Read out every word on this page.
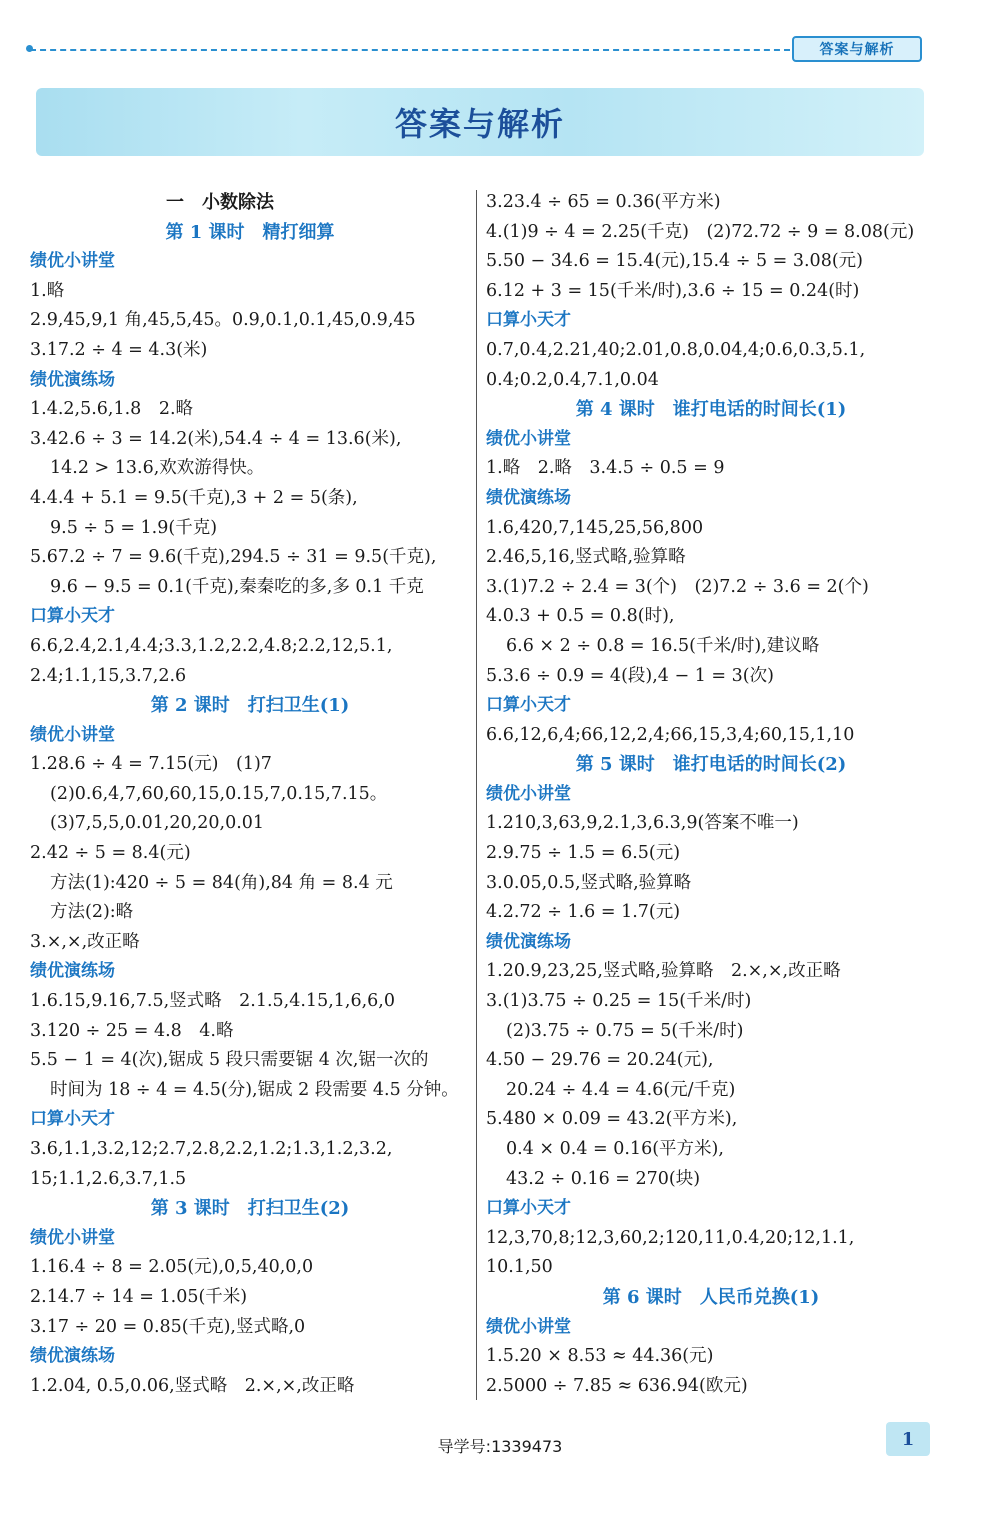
答案与解析
答案与解析
一　小数除法
第 1 课时　精打细算
绩优小讲堂
1.略
2.9,45,9,1 角,45,5,45。0.9,0.1,0.1,45,0.9,45
3.17.2 ÷ 4 = 4.3(米)
绩优演练场
1.4.2,5.6,1.8　2.略
3.42.6 ÷ 3 = 14.2(米),54.4 ÷ 4 = 13.6(米),
14.2 > 13.6,欢欢游得快。
4.4.4 + 5.1 = 9.5(千克),3 + 2 = 5(条),
9.5 ÷ 5 = 1.9(千克)
5.67.2 ÷ 7 = 9.6(千克),294.5 ÷ 31 = 9.5(千克),
9.6 − 9.5 = 0.1(千克),秦秦吃的多,多 0.1 千克
口算小天才
6.6,2.4,2.1,4.4;3.3,1.2,2.2,4.8;2.2,12,5.1,
2.4;1.1,15,3.7,2.6
第 2 课时　打扫卫生(1)
绩优小讲堂
1.28.6 ÷ 4 = 7.15(元)　(1)7
(2)0.6,4,7,60,60,15,0.15,7,0.15,7.15。
(3)7,5,5,0.01,20,20,0.01
2.42 ÷ 5 = 8.4(元)
方法(1):420 ÷ 5 = 84(角),84 角 = 8.4 元
方法(2):略
3.×,×,改正略
绩优演练场
1.6.15,9.16,7.5,竖式略　2.1.5,4.15,1,6,6,0
3.120 ÷ 25 = 4.8　4.略
5.5 − 1 = 4(次),锯成 5 段只需要锯 4 次,锯一次的
时间为 18 ÷ 4 = 4.5(分),锯成 2 段需要 4.5 分钟。
口算小天才
3.6,1.1,3.2,12;2.7,2.8,2.2,1.2;1.3,1.2,3.2,
15;1.1,2.6,3.7,1.5
第 3 课时　打扫卫生(2)
绩优小讲堂
1.16.4 ÷ 8 = 2.05(元),0,5,40,0,0
2.14.7 ÷ 14 = 1.05(千米)
3.17 ÷ 20 = 0.85(千克),竖式略,0
绩优演练场
1.2.04, 0.5,0.06,竖式略　2.×,×,改正略
3.23.4 ÷ 65 = 0.36(平方米)
4.(1)9 ÷ 4 = 2.25(千克)　(2)72.72 ÷ 9 = 8.08(元)
5.50 − 34.6 = 15.4(元),15.4 ÷ 5 = 3.08(元)
6.12 + 3 = 15(千米/时),3.6 ÷ 15 = 0.24(时)
口算小天才
0.7,0.4,2.21,40;2.01,0.8,0.04,4;0.6,0.3,5.1,
0.4;0.2,0.4,7.1,0.04
第 4 课时　谁打电话的时间长(1)
绩优小讲堂
1.略　2.略　3.4.5 ÷ 0.5 = 9
绩优演练场
1.6,420,7,145,25,56,800
2.46,5,16,竖式略,验算略
3.(1)7.2 ÷ 2.4 = 3(个)　(2)7.2 ÷ 3.6 = 2(个)
4.0.3 + 0.5 = 0.8(时),
6.6 × 2 ÷ 0.8 = 16.5(千米/时),建议略
5.3.6 ÷ 0.9 = 4(段),4 − 1 = 3(次)
口算小天才
6.6,12,6,4;66,12,2,4;66,15,3,4;60,15,1,10
第 5 课时　谁打电话的时间长(2)
绩优小讲堂
1.210,3,63,9,2.1,3,6.3,9(答案不唯一)
2.9.75 ÷ 1.5 = 6.5(元)
3.0.05,0.5,竖式略,验算略
4.2.72 ÷ 1.6 = 1.7(元)
绩优演练场
1.20.9,23,25,竖式略,验算略　2.×,×,改正略
3.(1)3.75 ÷ 0.25 = 15(千米/时)
(2)3.75 ÷ 0.75 = 5(千米/时)
4.50 − 29.76 = 20.24(元),
20.24 ÷ 4.4 = 4.6(元/千克)
5.480 × 0.09 = 43.2(平方米),
0.4 × 0.4 = 0.16(平方米),
43.2 ÷ 0.16 = 270(块)
口算小天才
12,3,70,8;12,3,60,2;120,11,0.4,20;12,1.1,
10.1,50
第 6 课时　人民币兑换(1)
绩优小讲堂
1.5.20 × 8.53 ≈ 44.36(元)
2.5000 ÷ 7.85 ≈ 636.94(欧元)
导学号:1339473	1
